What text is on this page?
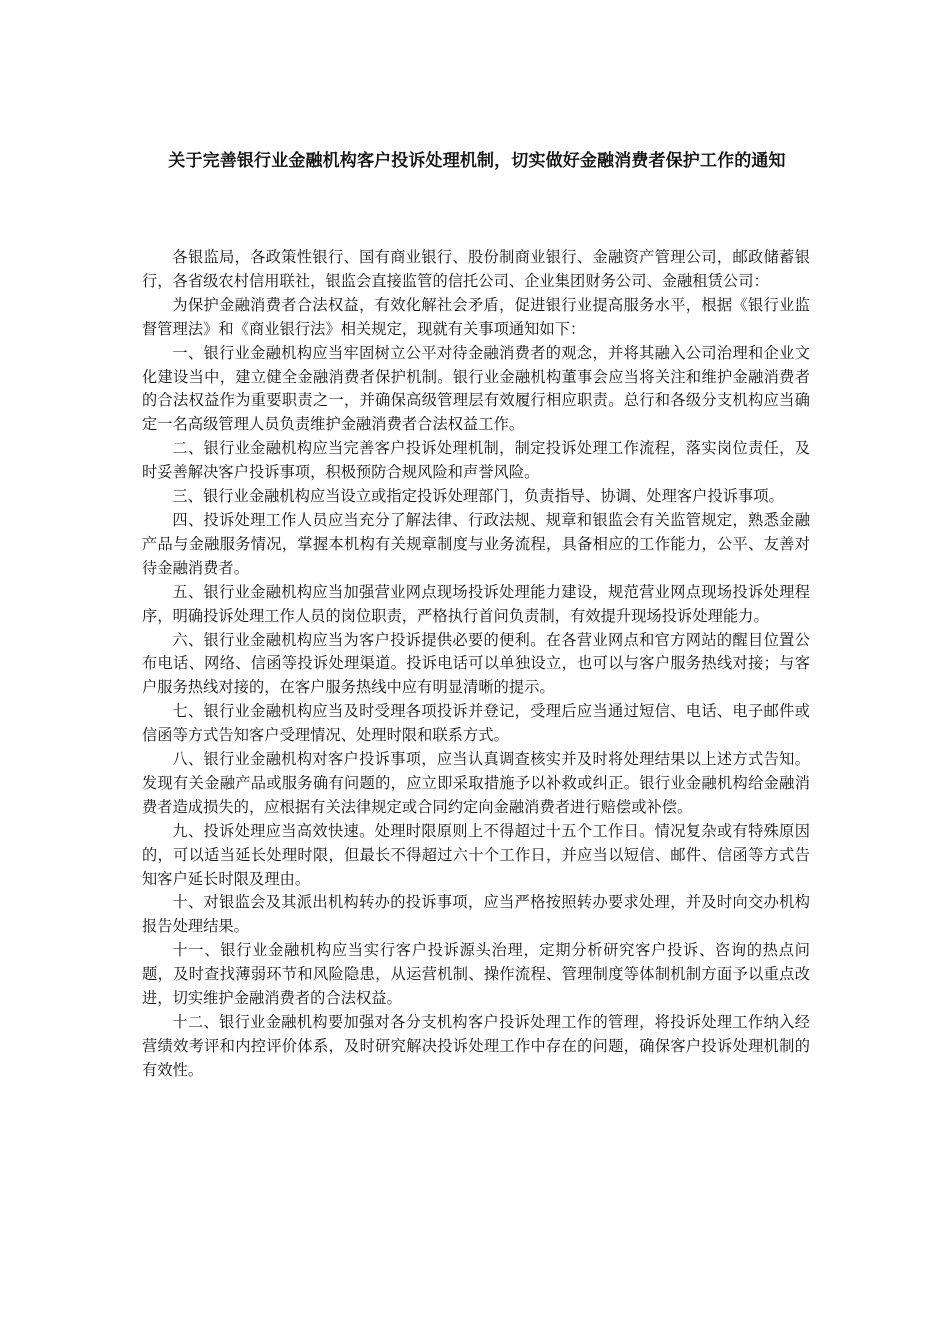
关于完善银行业金融机构客户投诉处理机制，切实做好金融消费者保护工作的通知

各银监局，各政策性银行、国有商业银行、股份制商业银行、金融资产管理公司，邮政储蓄银行，各省级农村信用联社，银监会直接监管的信托公司、企业集团财务公司、金融租赁公司：

为保护金融消费者合法权益，有效化解社会矛盾，促进银行业提高服务水平，根据《银行业监督管理法》和《商业银行法》相关规定，现就有关事项通知如下：

一、银行业金融机构应当牢固树立公平对待金融消费者的观念，并将其融入公司治理和企业文化建设当中，建立健全金融消费者保护机制。银行业金融机构董事会应当将关注和维护金融消费者的合法权益作为重要职责之一，并确保高级管理层有效履行相应职责。总行和各级分支机构应当确定一名高级管理人员负责维护金融消费者合法权益工作。

二、银行业金融机构应当完善客户投诉处理机制，制定投诉处理工作流程，落实岗位责任，及时妥善解决客户投诉事项，积极预防合规风险和声誉风险。

三、银行业金融机构应当设立或指定投诉处理部门，负责指导、协调、处理客户投诉事项。

四、投诉处理工作人员应当充分了解法律、行政法规、规章和银监会有关监管规定，熟悉金融产品与金融服务情况，掌握本机构有关规章制度与业务流程，具备相应的工作能力，公平、友善对待金融消费者。

五、银行业金融机构应当加强营业网点现场投诉处理能力建设，规范营业网点现场投诉处理程序，明确投诉处理工作人员的岗位职责，严格执行首问负责制，有效提升现场投诉处理能力。

六、银行业金融机构应当为客户投诉提供必要的便利。在各营业网点和官方网站的醒目位置公布电话、网络、信函等投诉处理渠道。投诉电话可以单独设立，也可以与客户服务热线对接；与客户服务热线对接的，在客户服务热线中应有明显清晰的提示。

七、银行业金融机构应当及时受理各项投诉并登记，受理后应当通过短信、电话、电子邮件或信函等方式告知客户受理情况、处理时限和联系方式。

八、银行业金融机构对客户投诉事项，应当认真调查核实并及时将处理结果以上述方式告知。发现有关金融产品或服务确有问题的，应立即采取措施予以补救或纠正。银行业金融机构给金融消费者造成损失的，应根据有关法律规定或合同约定向金融消费者进行赔偿或补偿。

九、投诉处理应当高效快速。处理时限原则上不得超过十五个工作日。情况复杂或有特殊原因的，可以适当延长处理时限，但最长不得超过六十个工作日，并应当以短信、邮件、信函等方式告知客户延长时限及理由。

十、对银监会及其派出机构转办的投诉事项，应当严格按照转办要求处理，并及时向交办机构报告处理结果。

十一、银行业金融机构应当实行客户投诉源头治理，定期分析研究客户投诉、咨询的热点问题，及时查找薄弱环节和风险隐患，从运营机制、操作流程、管理制度等体制机制方面予以重点改进，切实维护金融消费者的合法权益。

十二、银行业金融机构要加强对各分支机构客户投诉处理工作的管理，将投诉处理工作纳入经营绩效考评和内控评价体系，及时研究解决投诉处理工作中存在的问题，确保客户投诉处理机制的有效性。
